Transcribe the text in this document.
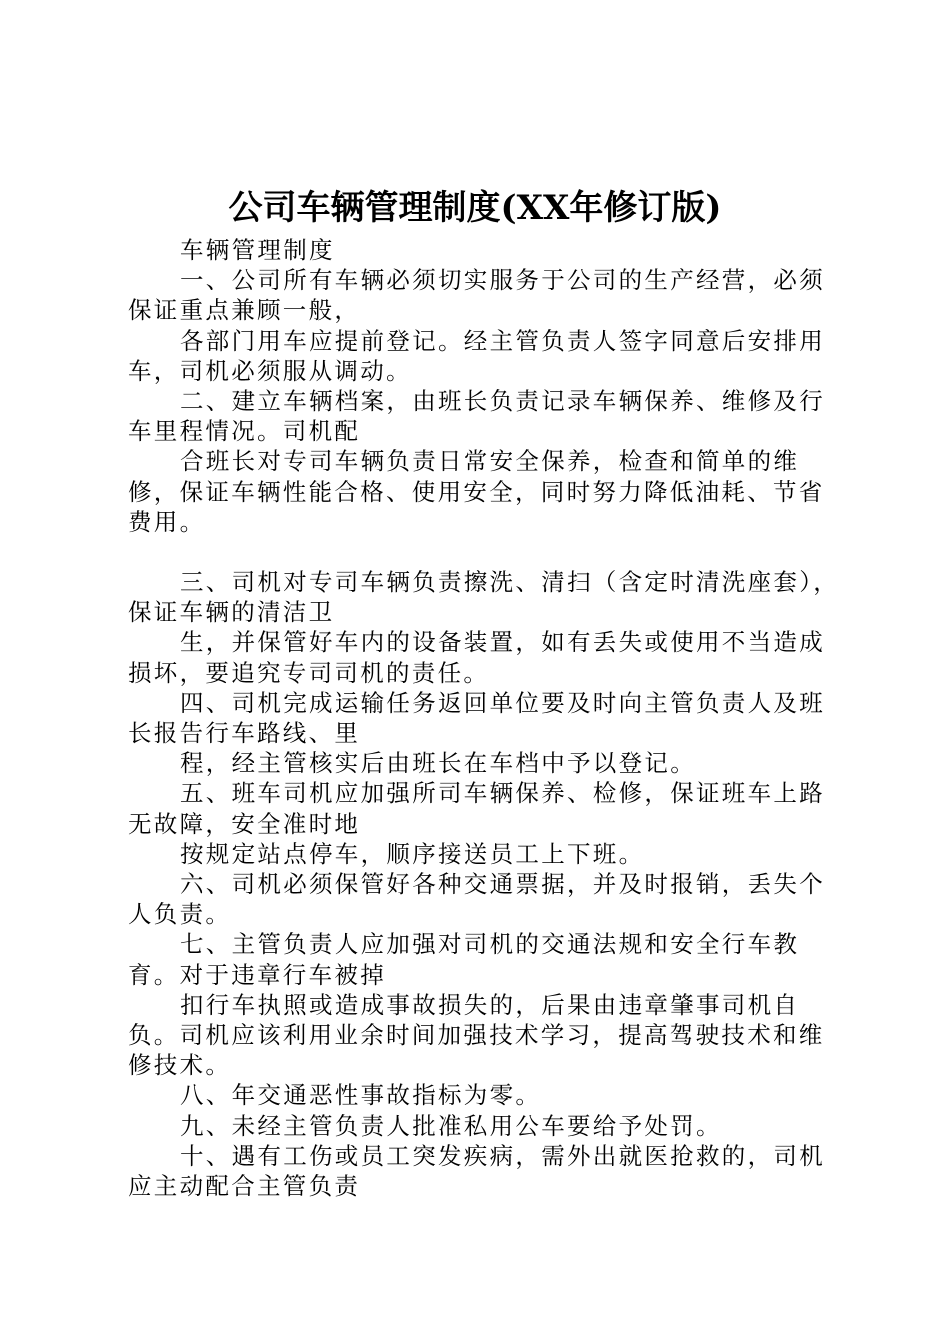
公司车辆管理制度(XX年修订版)

车辆管理制度

一、公司所有车辆必须切实服务于公司的生产经营，必须保证重点兼顾一般，

各部门用车应提前登记。经主管负责人签字同意后安排用车，司机必须服从调动。

二、建立车辆档案，由班长负责记录车辆保养、维修及行车里程情况。司机配

合班长对专司车辆负责日常安全保养，检查和简单的维修，保证车辆性能合格、使用安全，同时努力降低油耗、节省费用。

三、司机对专司车辆负责擦洗、清扫（含定时清洗座套），保证车辆的清洁卫

生，并保管好车内的设备装置，如有丢失或使用不当造成损坏，要追究专司司机的责任。

四、司机完成运输任务返回单位要及时向主管负责人及班长报告行车路线、里

程，经主管核实后由班长在车档中予以登记。

五、班车司机应加强所司车辆保养、检修，保证班车上路无故障，安全准时地

按规定站点停车，顺序接送员工上下班。

六、司机必须保管好各种交通票据，并及时报销，丢失个人负责。

七、主管负责人应加强对司机的交通法规和安全行车教育。对于违章行车被掉

扣行车执照或造成事故损失的，后果由违章肇事司机自负。司机应该利用业余时间加强技术学习，提高驾驶技术和维修技术。

八、年交通恶性事故指标为零。

九、未经主管负责人批准私用公车要给予处罚。

十、遇有工伤或员工突发疾病，需外出就医抢救的，司机应主动配合主管负责
